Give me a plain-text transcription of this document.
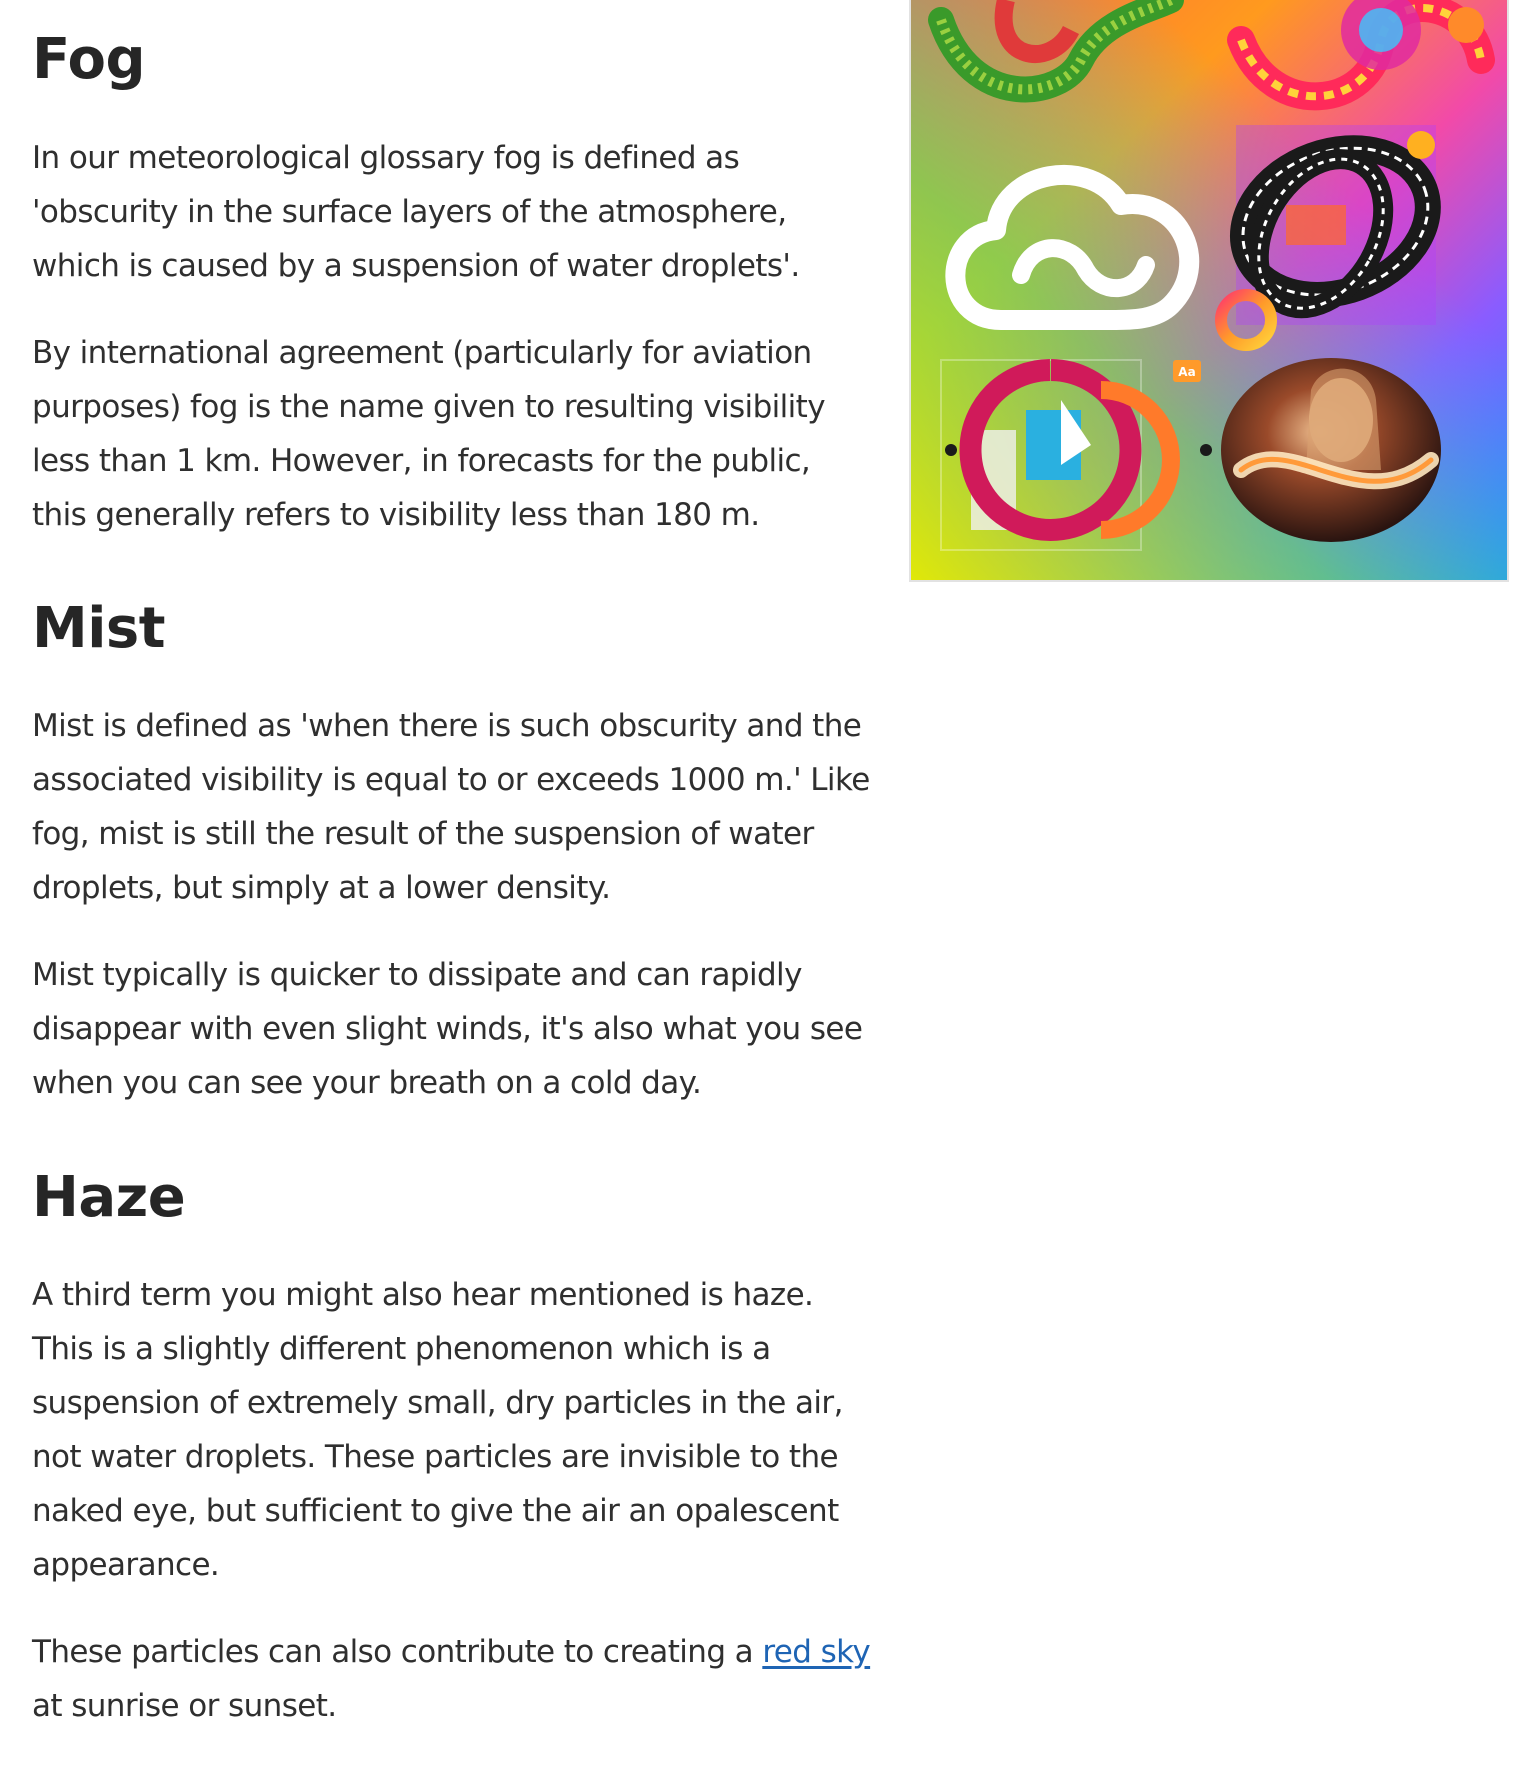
Fog

In our meteorological glossary fog is defined as 'obscurity in the surface layers of the atmosphere, which is caused by a suspension of water droplets'.

By international agreement (particularly for aviation purposes) fog is the name given to resulting visibility less than 1 km. However, in forecasts for the public, this generally refers to visibility less than 180 m.

Mist

Mist is defined as 'when there is such obscurity and the associated visibility is equal to or exceeds 1000 m.' Like fog, mist is still the result of the suspension of water droplets, but simply at a lower density.

Mist typically is quicker to dissipate and can rapidly disappear with even slight winds, it's also what you see when you can see your breath on a cold day.

Haze

A third term you might also hear mentioned is haze. This is a slightly different phenomenon which is a suspension of extremely small, dry particles in the air, not water droplets. These particles are invisible to the naked eye, but sufficient to give the air an opalescent appearance.

These particles can also contribute to creating a red sky at sunrise or sunset.

Aa
